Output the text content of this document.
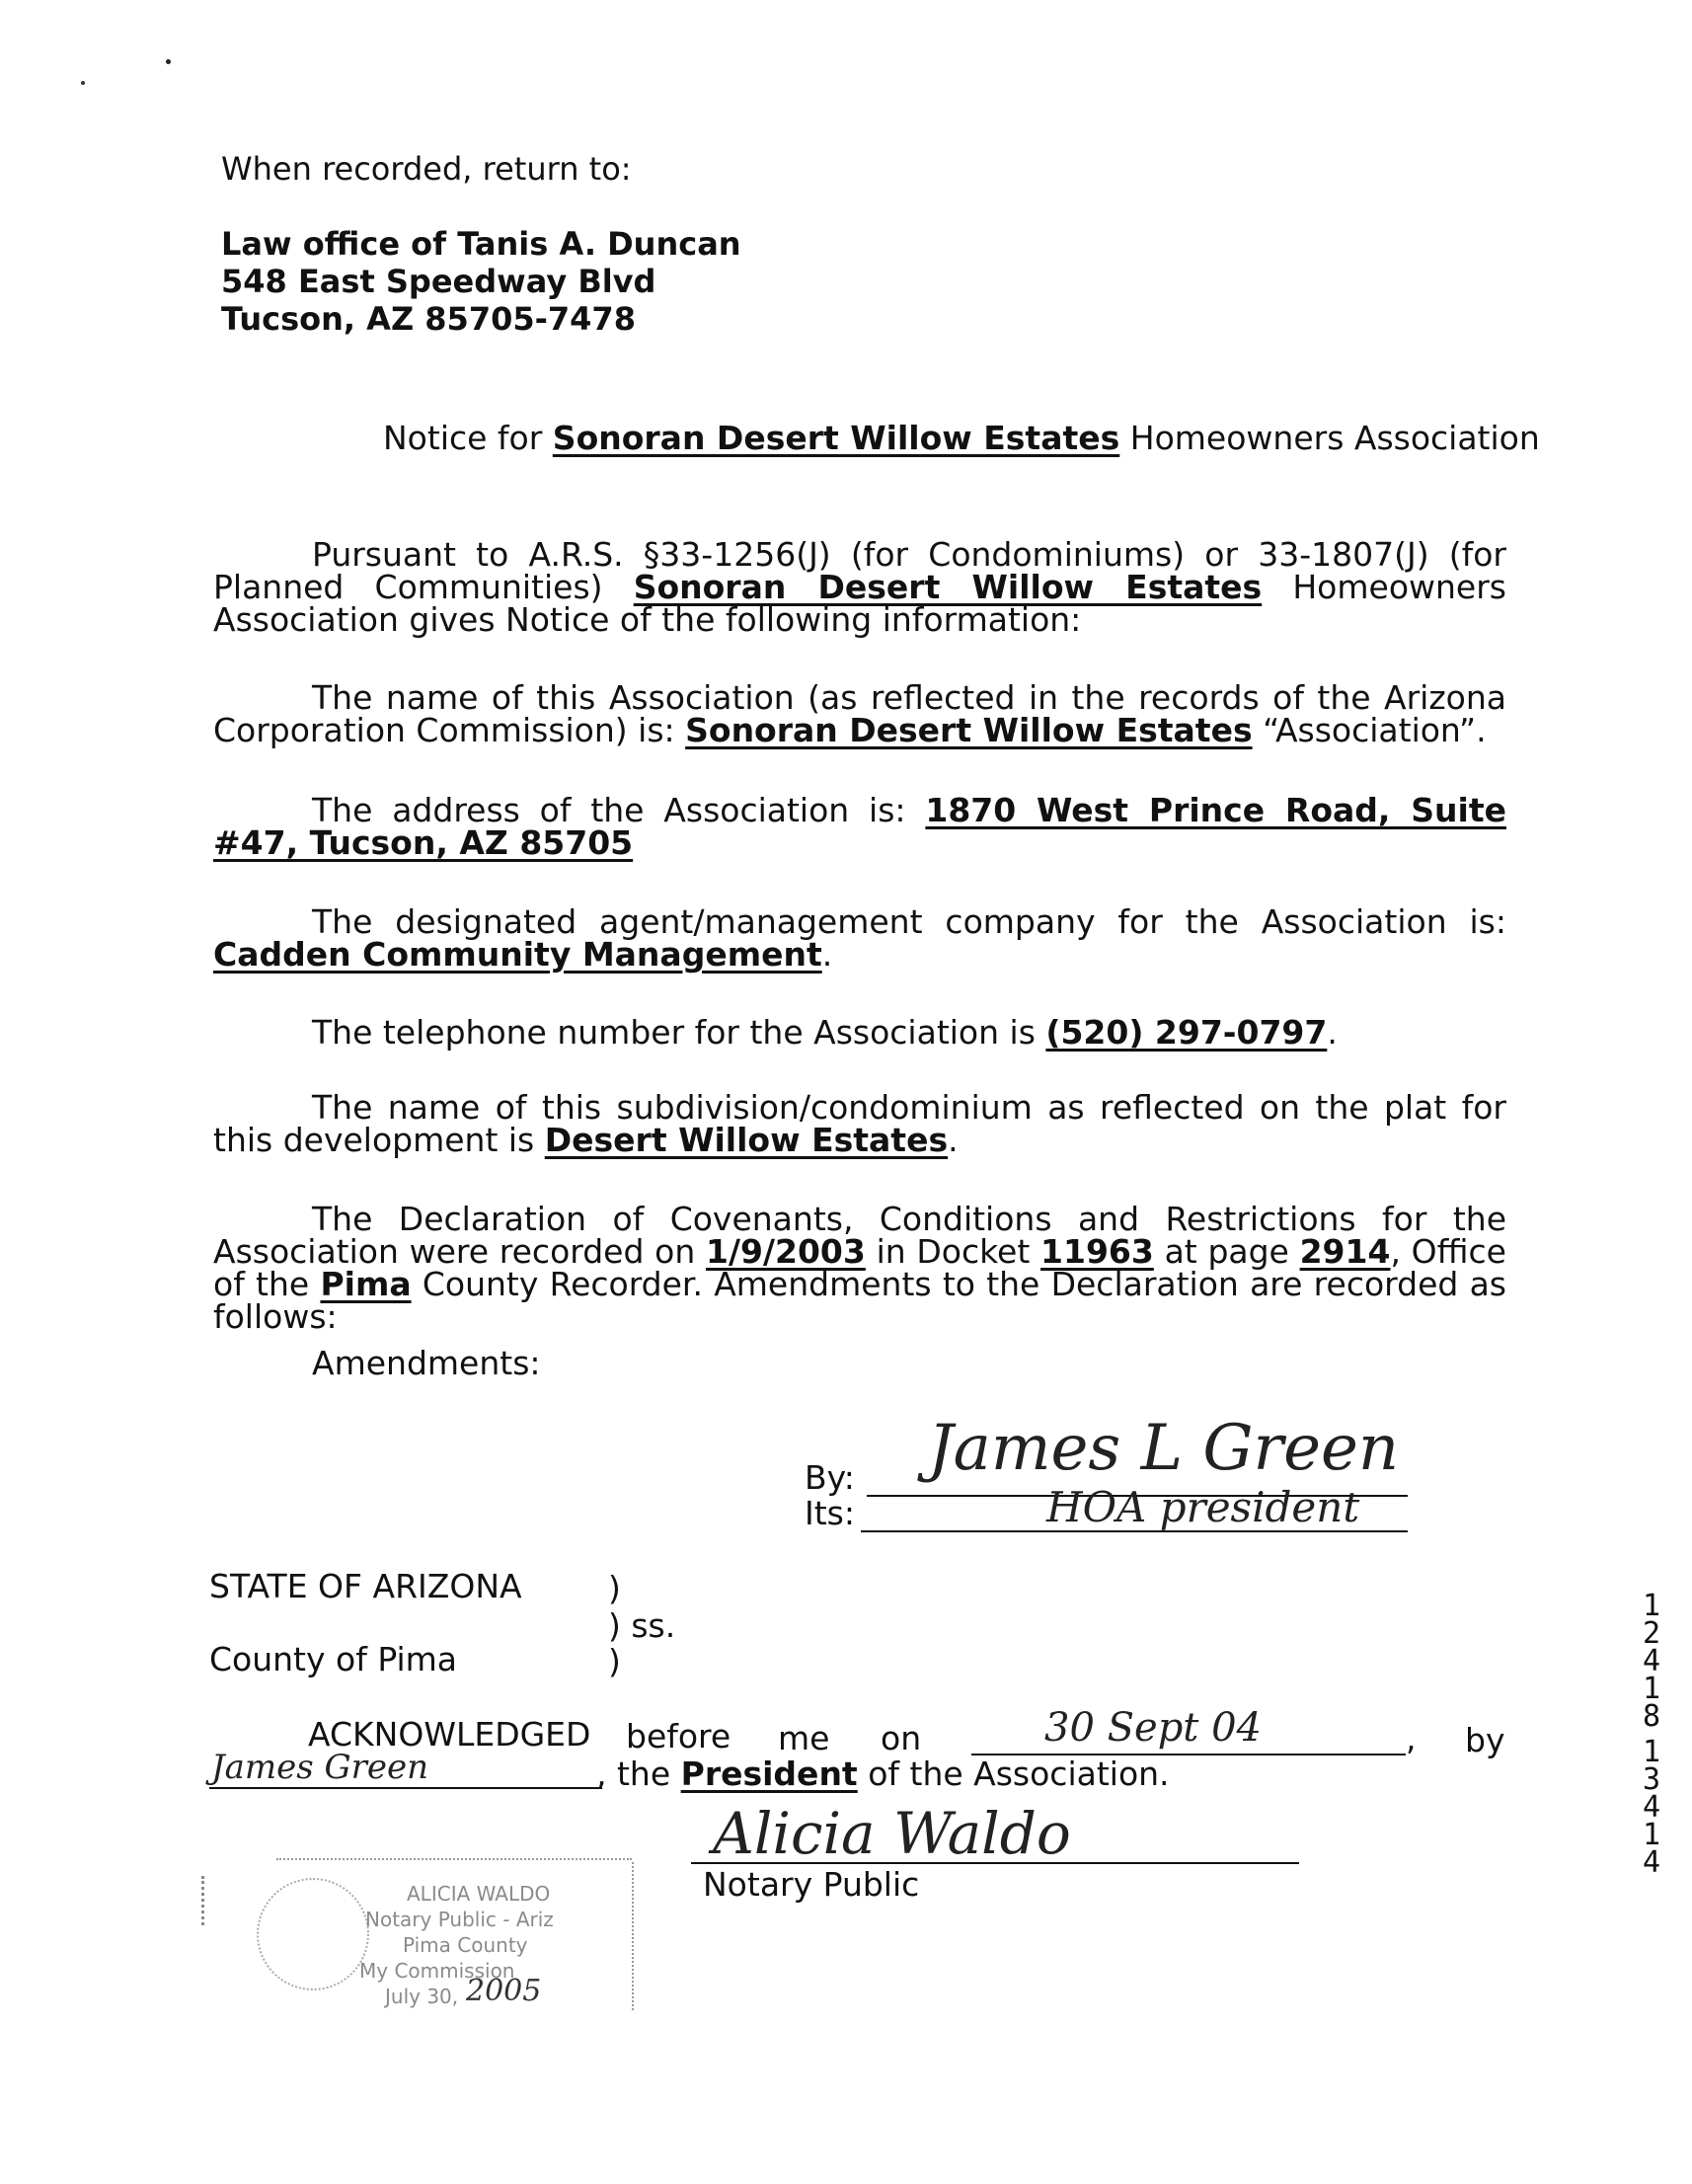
When recorded, return to:
Law office of Tanis A. Duncan
548 East Speedway Blvd
Tucson, AZ 85705-7478
Notice for Sonoran Desert Willow Estates Homeowners Association

Pursuant to A.R.S. §33-1256(J) (for Condominiums) or 33-1807(J) (for Planned Communities) Sonoran Desert Willow Estates Homeowners Association gives Notice of the following information:

The name of this Association (as reflected in the records of the Arizona Corporation Commission) is: Sonoran Desert Willow Estates “Association”.

The address of the Association is: 1870 West Prince Road, Suite #47, Tucson, AZ 85705

The designated agent/management company for the Association is: Cadden Community Management.

The telephone number for the Association is (520) 297-0797.

The name of this subdivision/condominium as reflected on the plat for this development is Desert Willow Estates.

The Declaration of Covenants, Conditions and Restrictions for the Association were recorded on 1/9/2003 in Docket 11963 at page 2914, Office of the Pima County Recorder. Amendments to the Declaration are recorded as follows:

Amendments:
By: James L Green
Its:	HOA president
STATE OF ARIZONA	)
) ss.
County of Pima	)
ACKNOWLEDGED before me on	30 Sept 04	, by
James Green	, the President of the Association.
Alicia Waldo
Notary Public
ALICIA WALDO
Notary Public - Ariz
Pima County
My Commission
July 30, 2005
1
2
4
1
8
1
3
4
1
4
